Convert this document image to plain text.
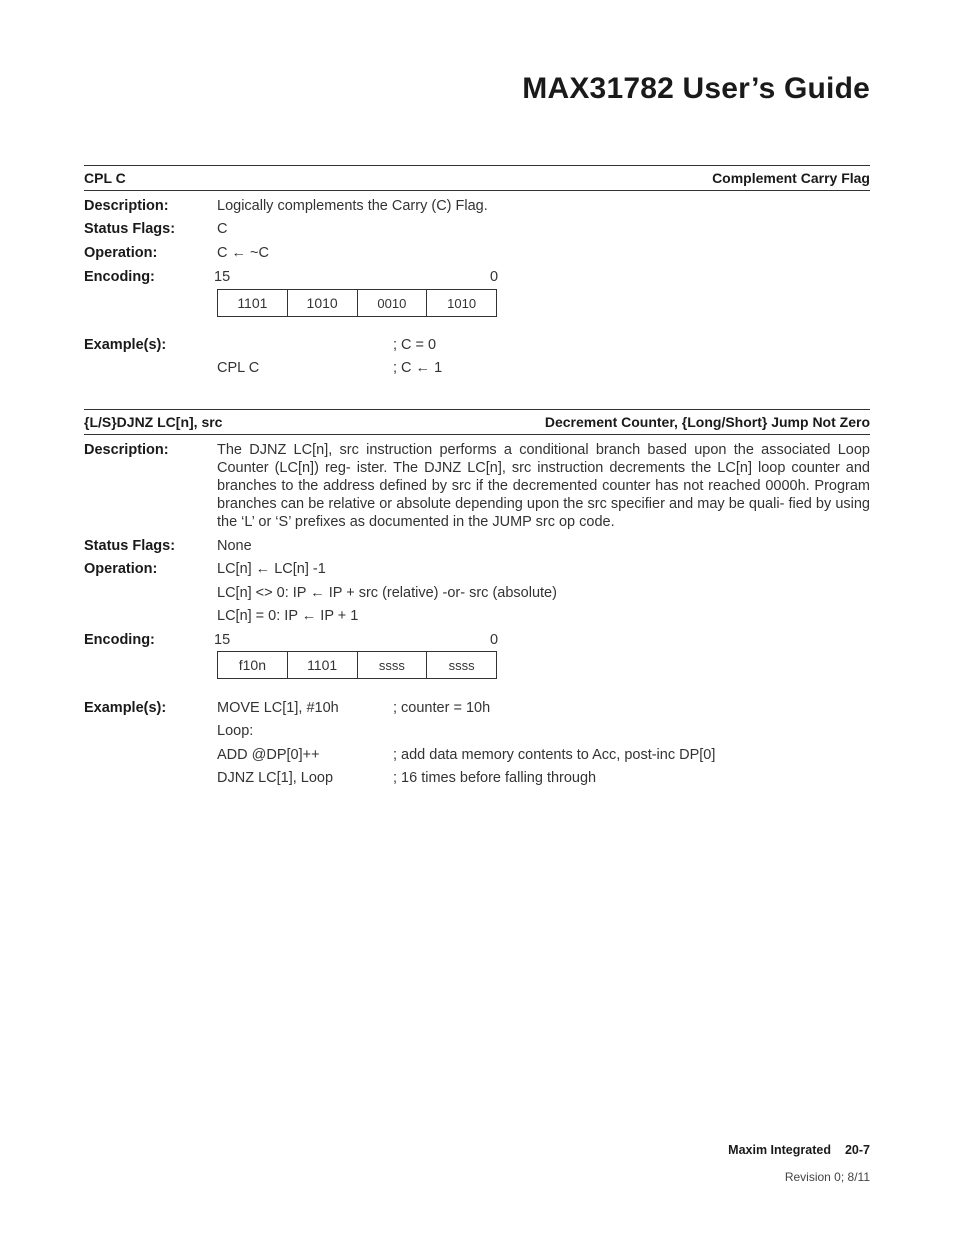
MAX31782 User’s Guide
CPL C	Complement Carry Flag
Description:	Logically complements the Carry (C) Flag.
Status Flags:	C
Operation:	C ← ~C
Encoding:	15	0
1101	1010	0010	1010
Example(s):	; C = 0
CPL C	; C ← 1
{L/S}DJNZ LC[n], src	Decrement Counter, {Long/Short} Jump Not Zero
Description:	The DJNZ LC[n], src instruction performs a conditional branch based upon the associated Loop Counter (LC[n]) reg- ister. The DJNZ LC[n], src instruction decrements the LC[n] loop counter and branches to the address defined by src if the decremented counter has not reached 0000h. Program branches can be relative or absolute depending upon the src specifier and may be quali- fied by using the ‘L’ or ‘S’ prefixes as documented in the JUMP src op code.

Status Flags:	None
Operation:	LC[n] ← LC[n] -1
LC[n] <> 0: IP ← IP + src (relative) -or- src (absolute)
LC[n] = 0: IP ← IP + 1
Encoding:	15	0
f10n	1101	ssss	ssss
Example(s):	MOVE LC[1], #10h	; counter = 10h
Loop:
ADD @DP[0]++	; add data memory contents to Acc, post-inc DP[0]
DJNZ LC[1], Loop	; 16 times before falling through
Maxim Integrated 20-7
Revision 0; 8/11
